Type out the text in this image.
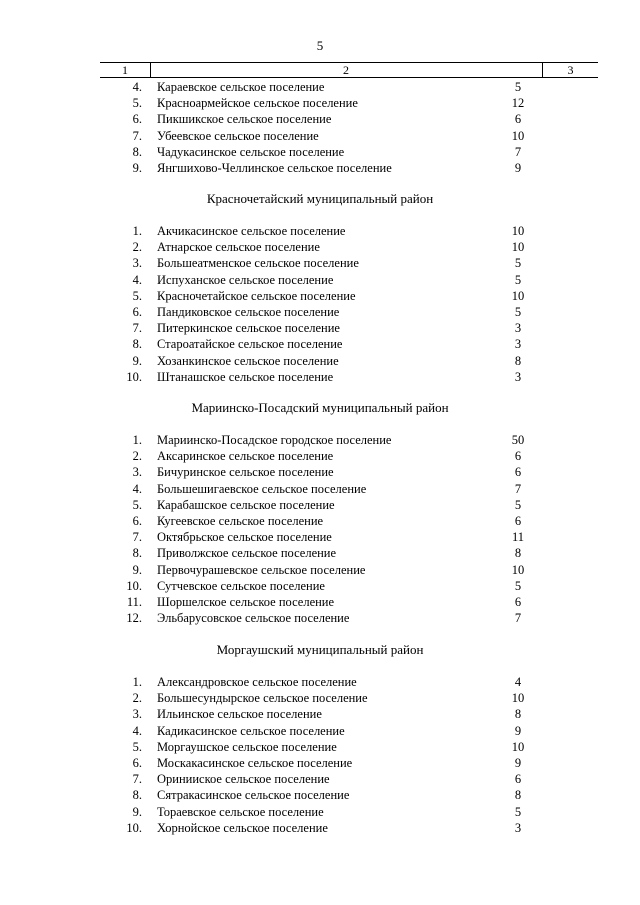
5
1	2	3
4. Караевское сельское поселение	5
5. Красноармейское сельское поселение	12
6. Пикшикское сельское поселение	6
7. Убеевское сельское поселение	10
8. Чадукасинское сельское поселение	7
9. Янгшихово-Челлинское сельское поселение	9
Красночетайский муниципальный район
1. Акчикасинское сельское поселение	10
2. Атнарское сельское поселение	10
3. Большеатменское сельское поселение	5
4. Испуханское сельское поселение	5
5. Красночетайское сельское поселение	10
6. Пандиковское сельское поселение	5
7. Питеркинское сельское поселение	3
8. Староатайское сельское поселение	3
9. Хозанкинское сельское поселение	8
10. Штанашское сельское поселение	3
Мариинско-Посадский муниципальный район
1. Мариинско-Посадское городское поселение	50
2. Аксаринское сельское поселение	6
3. Бичуринское сельское поселение	6
4. Большешигаевское сельское поселение	7
5. Карабашское сельское поселение	5
6. Кугеевское сельское поселение	6
7. Октябрьское сельское поселение	11
8. Приволжское сельское поселение	8
9. Первочурашевское сельское поселение	10
10. Сутчевское сельское поселение	5
11. Шоршелское сельское поселение	6
12. Эльбарусовское сельское поселение	7
Моргаушский муниципальный район
1. Александровское сельское поселение	4
2. Большесундырское сельское поселение	10
3. Ильинское сельское поселение	8
4. Кадикасинское сельское поселение	9
5. Моргаушское сельское поселение	10
6. Москакасинское сельское поселение	9
7. Оринииское сельское поселение	6
8. Сятракасинское сельское поселение	8
9. Тораевское сельское поселение	5
10. Хорнойское сельское поселение	3
